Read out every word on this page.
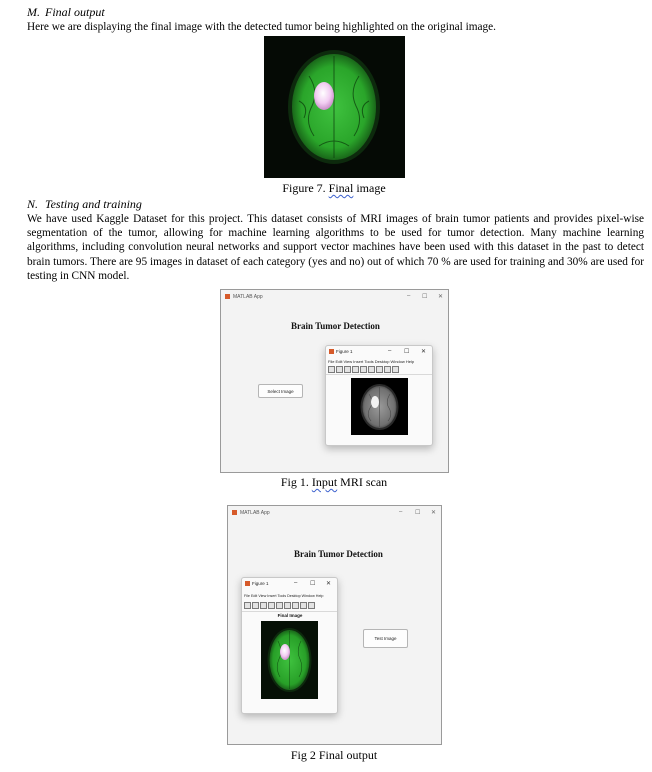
M. Final output
Here we are displaying the final image with the detected tumor being highlighted on the original image.
Figure 7. Final image
N. Testing and training
We have used Kaggle Dataset for this project. This dataset consists of MRI images of brain tumor patients and provides pixel-wise segmentation of the tumor, allowing for machine learning algorithms to be used for tumor detection. Many machine learning algorithms, including convolution neural networks and support vector machines have been used with this dataset in the past to detect brain tumors. There are 95 images in dataset of each category (yes and no) out of which 70 % are used for training and 30% are used for testing in CNN model.
MATLAB App	– ☐ ✕
Brain Tumor Detection
Select Image
Figure 1	– ☐ ✕
File Edit View Insert Tools Desktop Window Help
Fig 1. Input MRI scan
MATLAB App	– ☐ ✕
Brain Tumor Detection
Test Image
Figure 1	– ☐ ✕
File Edit View Insert Tools Desktop Window Help
Final Image
Fig 2 Final output
